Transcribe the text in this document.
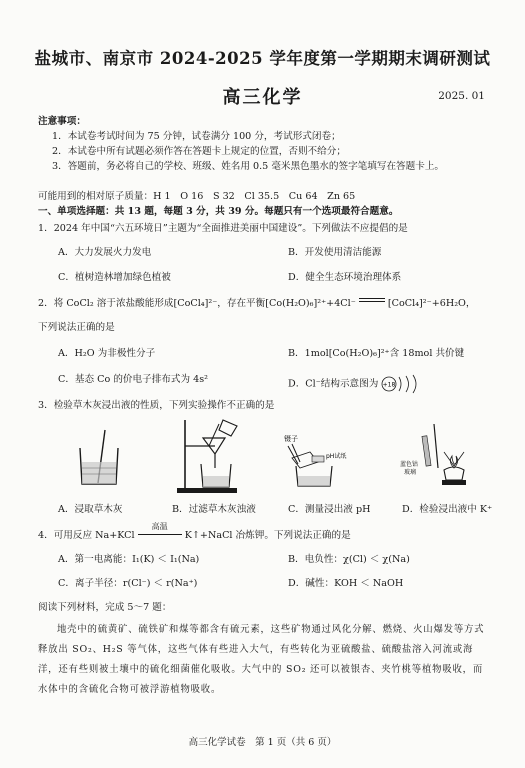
盐城市、南京市 2024-2025 学年度第一学期期末调研测试
高三化学	2025. 01
注意事项：
1．本试卷考试时间为 75 分钟，试卷满分 100 分，考试形式闭卷；
2．本试卷中所有试题必须作答在答题卡上规定的位置，否则不给分；
3．答题前，务必将自己的学校、班级、姓名用 0.5 毫米黑色墨水的签字笔填写在答题卡上。
可能用到的相对原子质量：H 1　O 16　S 32　Cl 35.5　Cu 64　Zn 65
一、单项选择题：共 13 题，每题 3 分，共 39 分。每题只有一个选项最符合题意。
1．2024 年中国“六五环境日”主题为“全面推进美丽中国建设”。下列做法不应提倡的是
A．大力发展火力发电	B．开发使用清洁能源
C．植树造林增加绿色植被	D．健全生态环境治理体系
2．将 CoCl₂ 溶于浓盐酸能形成[CoCl₄]²⁻，存在平衡[Co(H₂O)₆]²⁺+4Cl⁻	[CoCl₄]²⁻+6H₂O，
下列说法正确的是
A．H₂O 为非极性分子	B．1mol[Co(H₂O)₆]²⁺含 18mol 共价键
C．基态 Co 的价电子排布式为 4s²	D．Cl⁻结构示意图为 +18
3．检验草木灰浸出液的性质，下列实验操作不正确的是
镊子
pH试纸
蓝色钴
玻璃
A．浸取草木灰	B．过滤草木灰浊液	C．测量浸出液 pH	D．检验浸出液中 K⁺
4．可用反应 Na+KCl
高温
K↑+NaCl 冶炼钾。下列说法正确的是
A．第一电离能：I₁(K) ＜ I₁(Na)	B．电负性：χ(Cl) ＜ χ(Na)
C．离子半径：r(Cl⁻) ＜ r(Na⁺)	D．碱性：KOH ＜ NaOH
阅读下列材料，完成 5～7 题：
地壳中的硫黄矿、硫铁矿和煤等都含有硫元素，这些矿物通过风化分解、燃烧、火山爆发等方式释放出 SO₂、H₂S 等气体，这些气体有些进入大气，有些转化为亚硫酸盐、硫酸盐溶入河流或海洋，还有些则被土壤中的硫化细菌催化吸收。大气中的 SO₂ 还可以被银杏、夹竹桃等植物吸收，而水体中的含硫化合物可被浮游植物吸收。
高三化学试卷　第 1 页（共 6 页）
